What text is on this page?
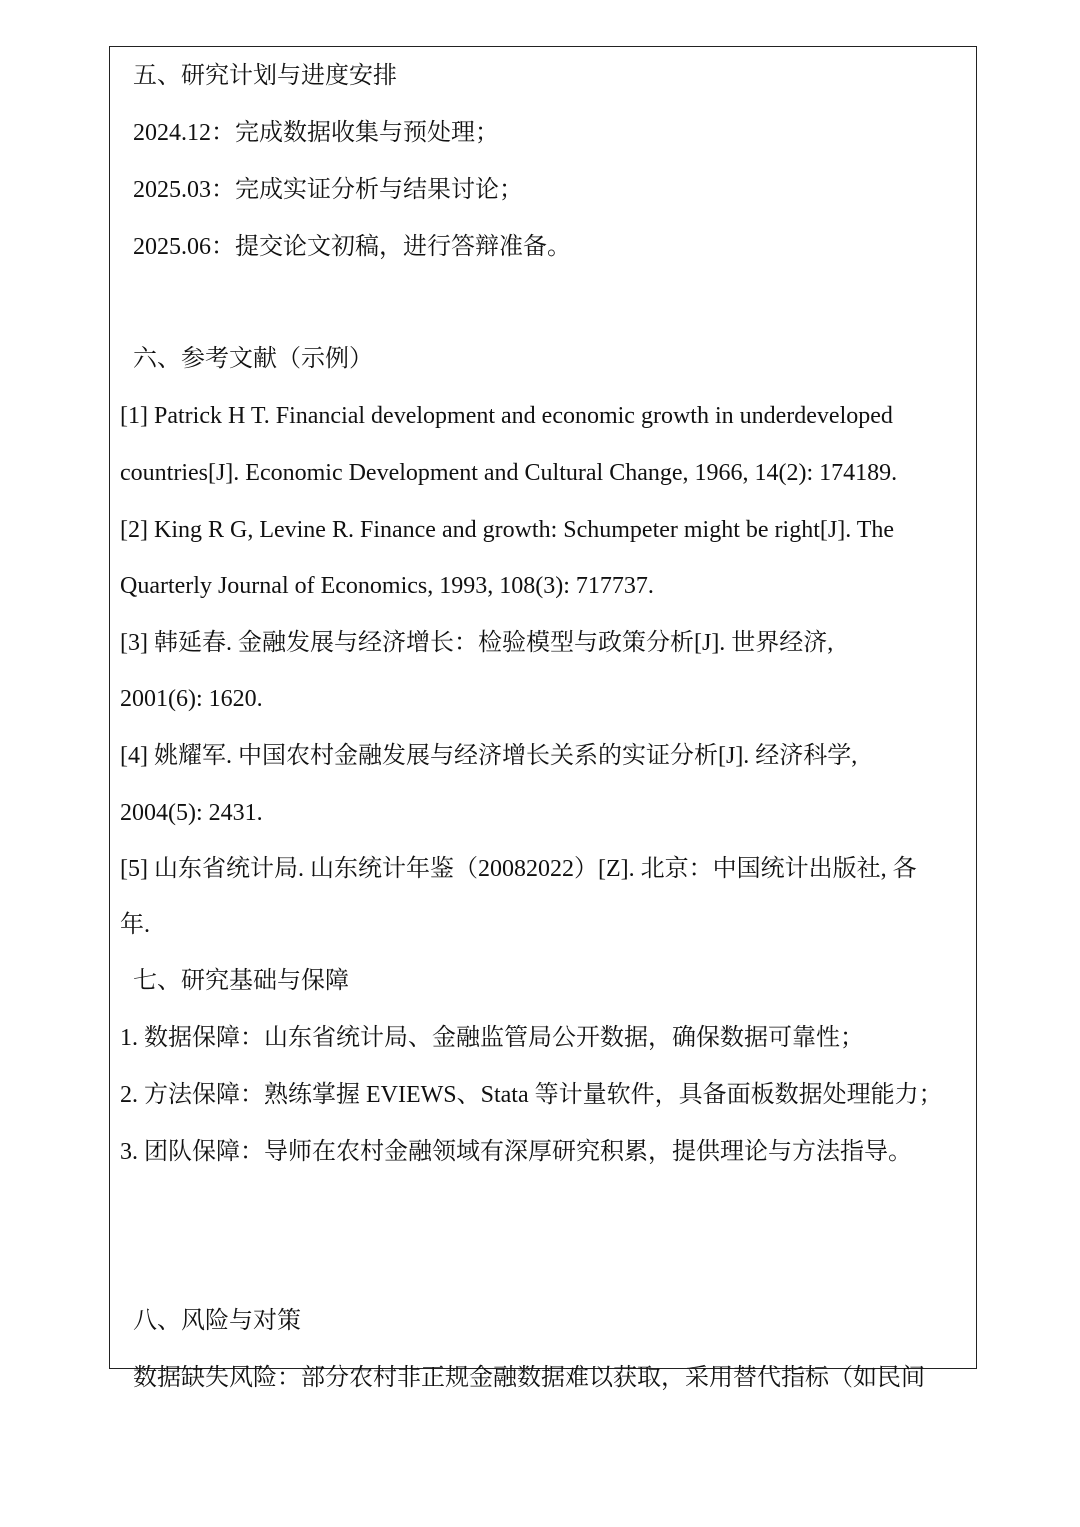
五、研究计划与进度安排
2024.12：完成数据收集与预处理；
2025.03：完成实证分析与结果讨论；
2025.06：提交论文初稿，进行答辩准备。
六、参考文献（示例）
[1] Patrick H T. Financial development and economic growth in underdeveloped
countries[J]. Economic Development and Cultural Change, 1966, 14(2): 174189.
[2] King R G, Levine R. Finance and growth: Schumpeter might be right[J]. The
Quarterly Journal of Economics, 1993, 108(3): 717737.
[3] 韩延春. 金融发展与经济增长：检验模型与政策分析[J]. 世界经济,
2001(6): 1620.
[4] 姚耀军. 中国农村金融发展与经济增长关系的实证分析[J]. 经济科学,
2004(5): 2431.
[5] 山东省统计局. 山东统计年鉴（20082022）[Z]. 北京：中国统计出版社, 各
年.
七、研究基础与保障
1. 数据保障：山东省统计局、金融监管局公开数据，确保数据可靠性；
2. 方法保障：熟练掌握 EVIEWS、Stata 等计量软件，具备面板数据处理能力；
3. 团队保障：导师在农村金融领域有深厚研究积累，提供理论与方法指导。
八、风险与对策
数据缺失风险：部分农村非正规金融数据难以获取，采用替代指标（如民间
